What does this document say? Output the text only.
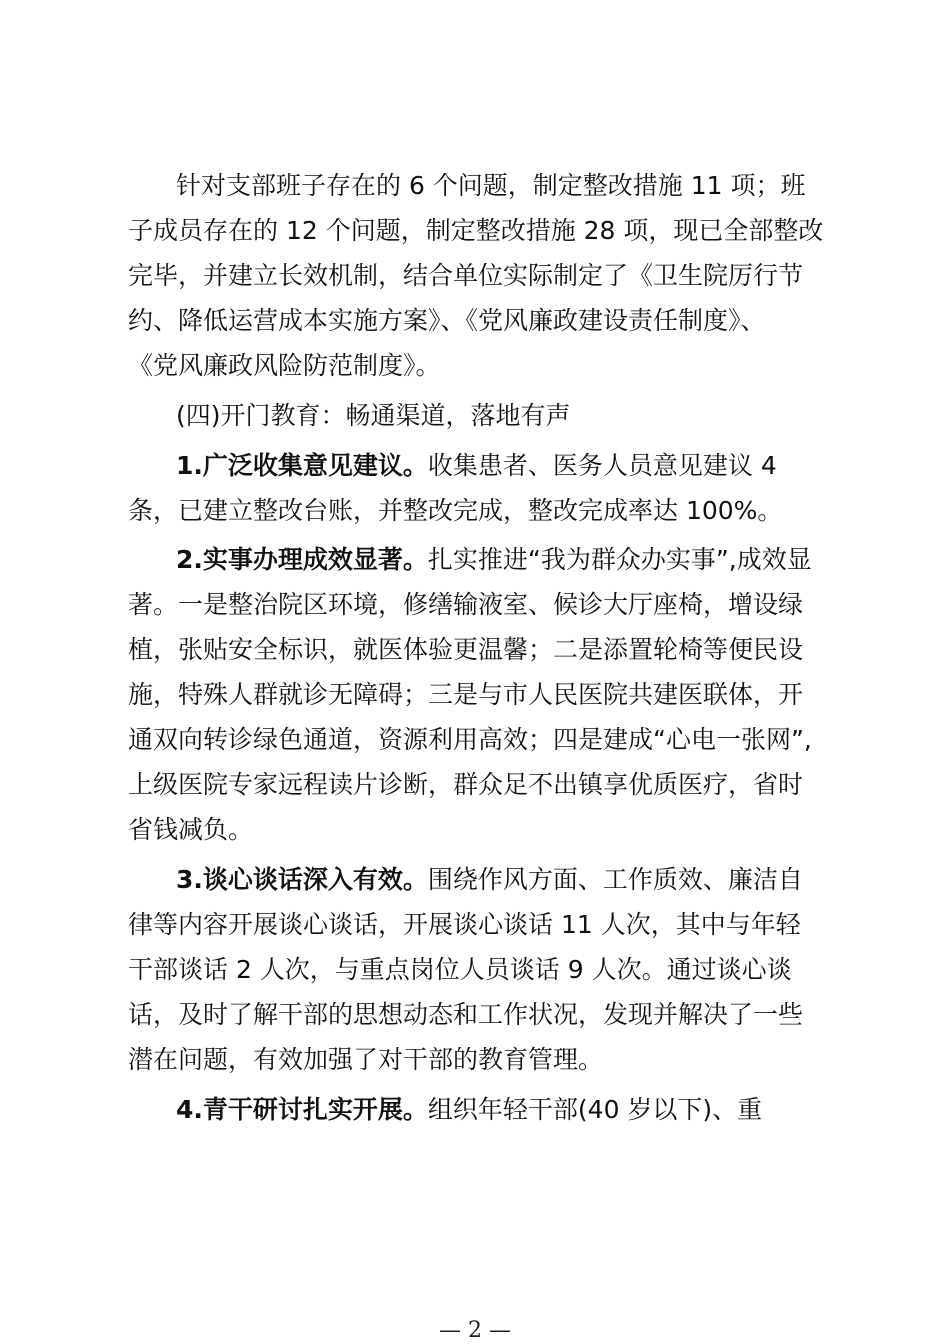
针对支部班子存在的 6 个问题，制定整改措施 11 项；班
子成员存在的 12 个问题，制定整改措施 28 项，现已全部整改
完毕，并建立长效机制，结合单位实际制定了《卫生院厉行节
约、降低运营成本实施方案》、《党风廉政建设责任制度》、
《党风廉政风险防范制度》。
(四)开门教育：畅通渠道，落地有声
1.广泛收集意见建议。收集患者、医务人员意见建议 4
条，已建立整改台账，并整改完成，整改完成率达 100%。
2.实事办理成效显著。扎实推进“我为群众办实事”,成效显
著。一是整治院区环境，修缮输液室、候诊大厅座椅，增设绿
植，张贴安全标识，就医体验更温馨；二是添置轮椅等便民设
施，特殊人群就诊无障碍；三是与市人民医院共建医联体，开
通双向转诊绿色通道，资源利用高效；四是建成“心电一张网”,
上级医院专家远程读片诊断，群众足不出镇享优质医疗，省时
省钱减负。
3.谈心谈话深入有效。围绕作风方面、工作质效、廉洁自
律等内容开展谈心谈话，开展谈心谈话 11 人次，其中与年轻
干部谈话 2 人次，与重点岗位人员谈话 9 人次。通过谈心谈
话，及时了解干部的思想动态和工作状况，发现并解决了一些
潜在问题，有效加强了对干部的教育管理。
4.青干研讨扎实开展。组织年轻干部(40 岁以下)、重
— 2 —
